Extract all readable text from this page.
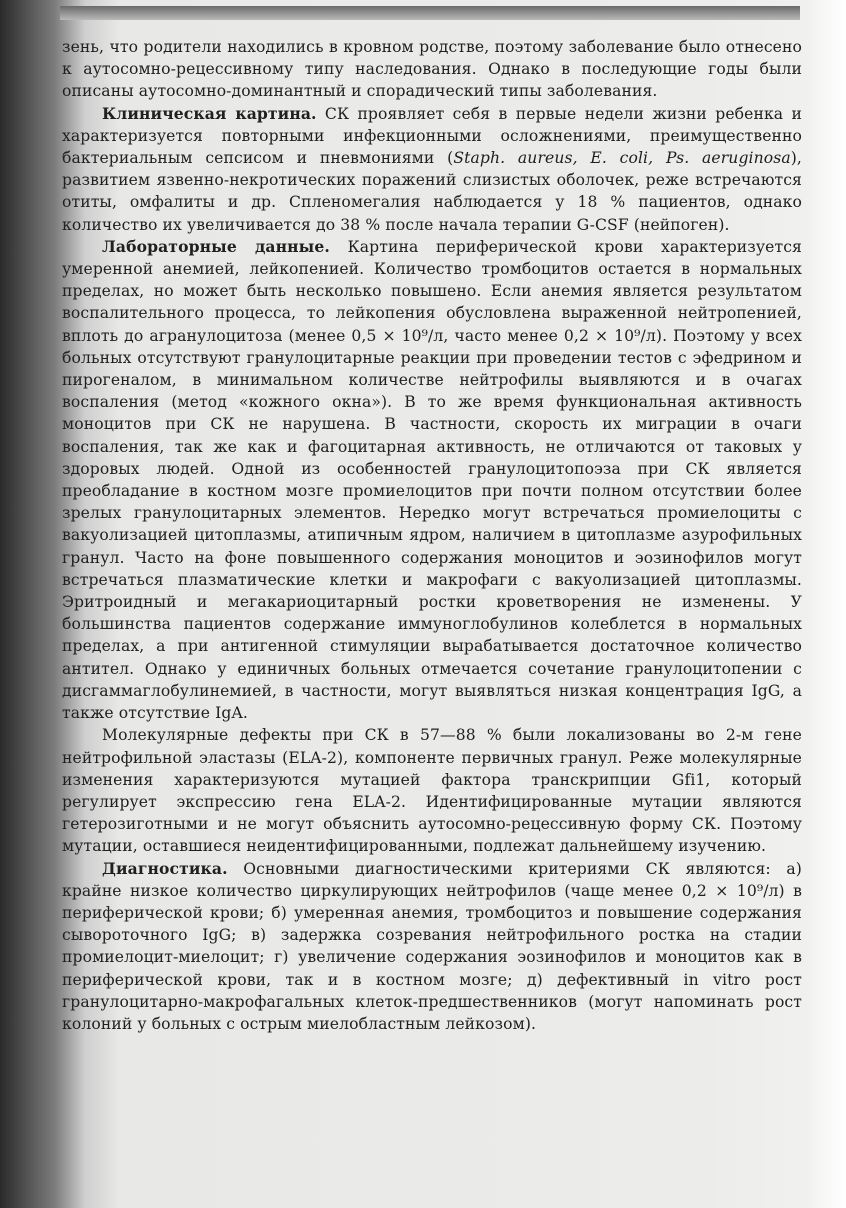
зень, что родители находились в кровном родстве, поэтому заболевание было отнесено к аутосомно-рецессивному типу наследования. Однако в последующие годы были описаны аутосомно-доминантный и спорадический типы заболевания.

Клиническая картина. СК проявляет себя в первые недели жизни ребенка и характеризуется повторными инфекционными осложнениями, преимущественно бактериальным сепсисом и пневмониями (Staph. aureus, E. coli, Ps. aeruginosa), развитием язвенно-некротических поражений слизистых оболочек, реже встречаются отиты, омфалиты и др. Спленомегалия наблюдается у 18 % пациентов, однако количество их увеличивается до 38 % после начала терапии G-CSF (нейпоген).

Лабораторные данные. Картина периферической крови характеризуется умеренной анемией, лейкопенией. Количество тромбоцитов остается в нормальных пределах, но может быть несколько повышено. Если анемия является результатом воспалительного процесса, то лейкопения обусловлена выраженной нейтропенией, вплоть до агранулоцитоза (менее 0,5 × 10⁹/л, часто менее 0,2 × 10⁹/л). Поэтому у всех больных отсутствуют гранулоцитарные реакции при проведении тестов с эфедрином и пирогеналом, в минимальном количестве нейтрофилы выявляются и в очагах воспаления (метод «кожного окна»). В то же время функциональная активность моноцитов при СК не нарушена. В частности, скорость их миграции в очаги воспаления, так же как и фагоцитарная активность, не отличаются от таковых у здоровых людей. Одной из особенностей гранулоцитопоэза при СК является преобладание в костном мозге промиелоцитов при почти полном отсутствии более зрелых гранулоцитарных элементов. Нередко могут встречаться промиелоциты с вакуолизацией цитоплазмы, атипичным ядром, наличием в цитоплазме азурофильных гранул. Часто на фоне повышенного содержания моноцитов и эозинофилов могут встречаться плазматические клетки и макрофаги с вакуолизацией цитоплазмы. Эритроидный и мегакариоцитарный ростки кроветворения не изменены. У большинства пациентов содержание иммуноглобулинов колеблется в нормальных пределах, а при антигенной стимуляции вырабатывается достаточное количество антител. Однако у единичных больных отмечается сочетание гранулоцитопении с дисгаммаглобулинемией, в частности, могут выявляться низкая концентрация IgG, а также отсутствие IgA.

Молекулярные дефекты при СК в 57—88 % были локализованы во 2-м гене нейтрофильной эластазы (ELA-2), компоненте первичных гранул. Реже молекулярные изменения характеризуются мутацией фактора транскрипции Gfi1, который регулирует экспрессию гена ELA-2. Идентифицированные мутации являются гетерозиготными и не могут объяснить аутосомно-рецессивную форму СК. Поэтому мутации, оставшиеся неидентифицированными, подлежат дальнейшему изучению.

Диагностика. Основными диагностическими критериями СК являются: а) крайне низкое количество циркулирующих нейтрофилов (чаще менее 0,2 × 10⁹/л) в периферической крови; б) умеренная анемия, тромбоцитоз и повышение содержания сывороточного IgG; в) задержка созревания нейтрофильного ростка на стадии промиелоцит-миелоцит; г) увеличение содержания эозинофилов и моноцитов как в периферической крови, так и в костном мозге; д) дефективный in vitro рост гранулоцитарно-макрофагальных клеток-предшественников (могут напоминать рост колоний у больных с острым миелобластным лейкозом).
